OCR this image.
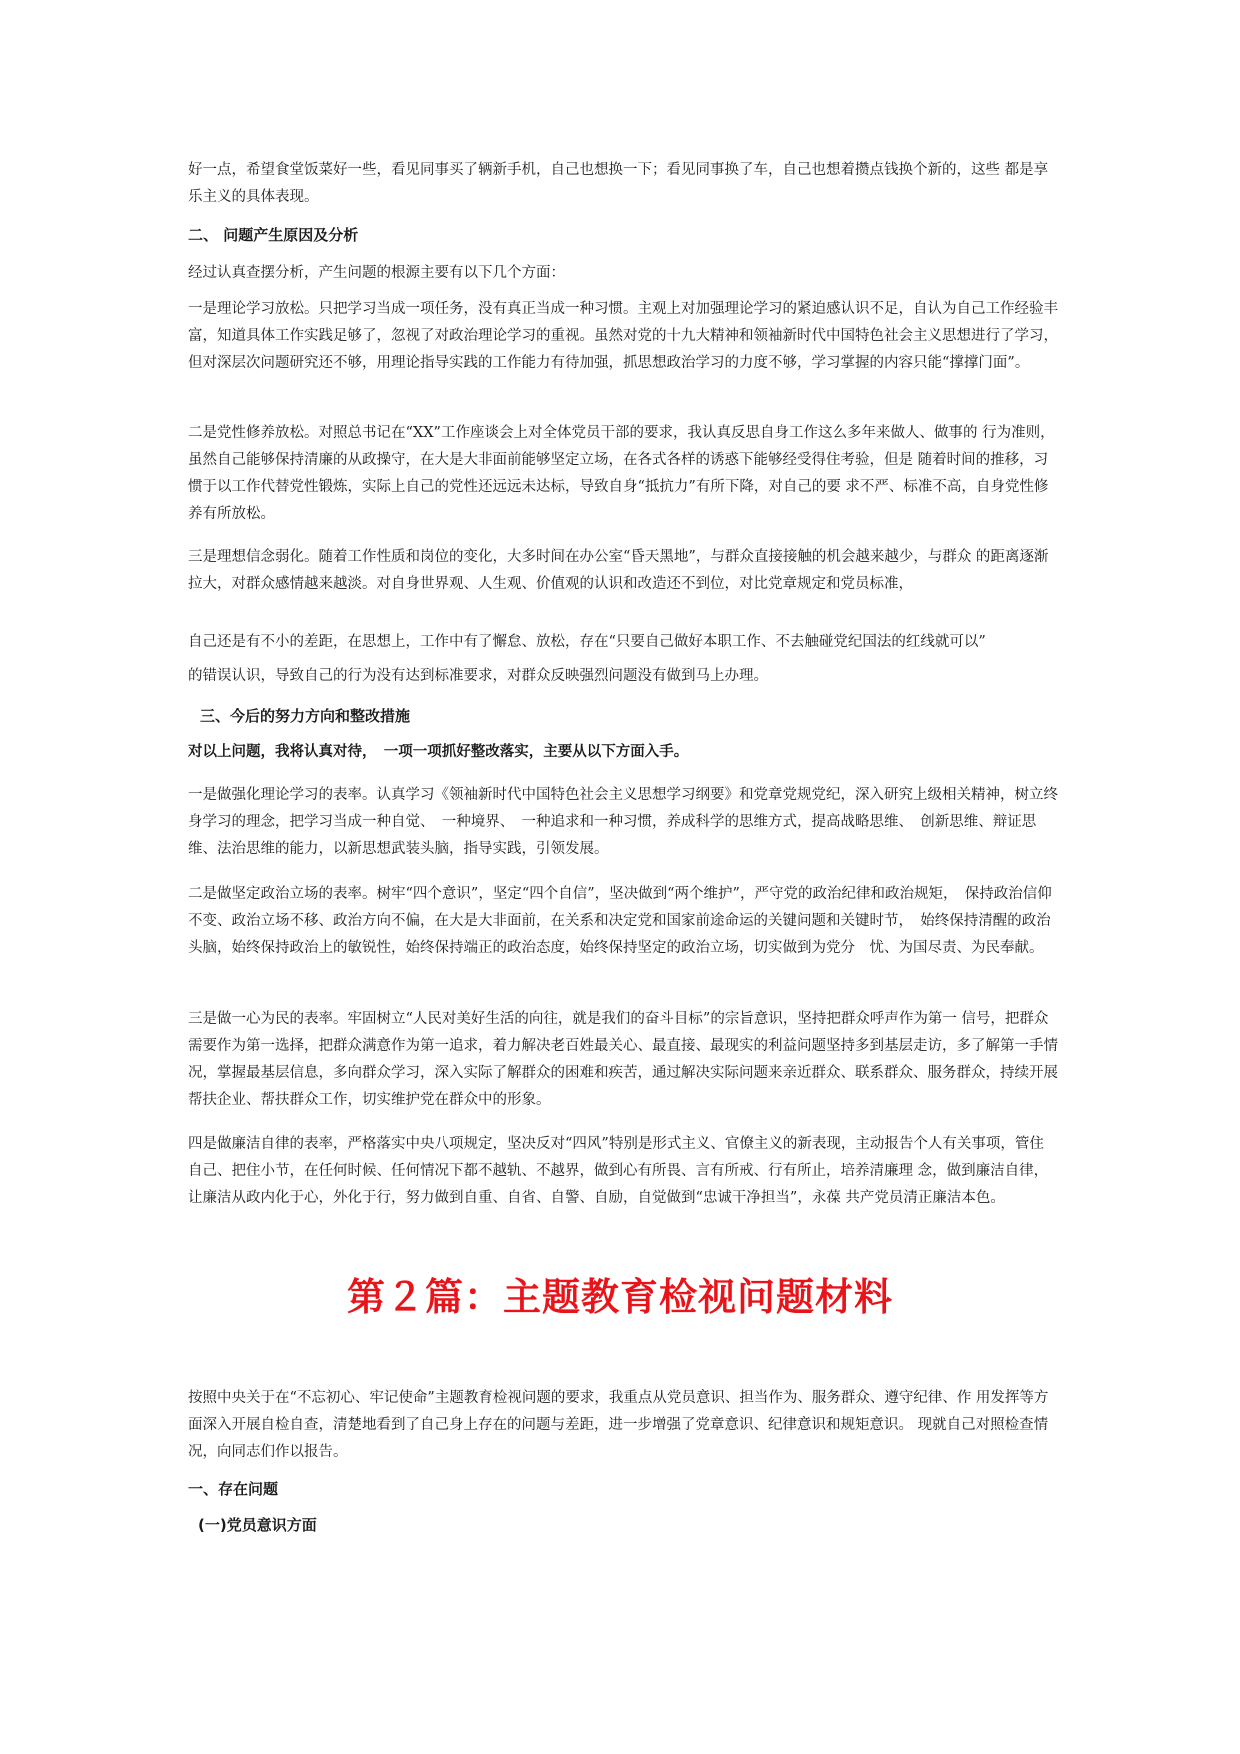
好一点，希望食堂饭菜好一些，看见同事买了辆新手机，自己也想换一下；看见同事换了车，自己也想着攒点钱换个新的，这些 都是享乐主义的具体表现。

二、 问题产生原因及分析

经过认真查摆分析，产生问题的根源主要有以下几个方面：

一是理论学习放松。只把学习当成一项任务，没有真正当成一种习惯。主观上对加强理论学习的紧迫感认识不足，自认为自己工作经验丰富，知道具体工作实践足够了，忽视了对政治理论学习的重视。虽然对党的十九大精神和领袖新时代中国特色社会主义思想进行了学习，但对深层次问题研究还不够，用理论指导实践的工作能力有待加强，抓思想政治学习的力度不够，学习掌握的内容只能“撑撑门面”。

二是党性修养放松。对照总书记在“XX”工作座谈会上对全体党员干部的要求，我认真反思自身工作这么多年来做人、做事的 行为准则，虽然自己能够保持清廉的从政操守，在大是大非面前能够坚定立场，在各式各样的诱惑下能够经受得住考验，但是 随着时间的推移，习惯于以工作代替党性锻炼，实际上自己的党性还远远未达标，导致自身“抵抗力”有所下降，对自己的要 求不严、标准不高，自身党性修养有所放松。

三是理想信念弱化。随着工作性质和岗位的变化，大多时间在办公室“昏天黑地”，与群众直接接触的机会越来越少，与群众 的距离逐渐拉大，对群众感情越来越淡。对自身世界观、人生观、价值观的认识和改造还不到位，对比党章规定和党员标准，

自己还是有不小的差距，在思想上，工作中有了懈怠、放松，存在“只要自己做好本职工作、不去触碰党纪国法的红线就可以”

的错误认识，导致自己的行为没有达到标准要求，对群众反映强烈问题没有做到马上办理。

三、今后的努力方向和整改措施

对以上问题，我将认真对待，　一项一项抓好整改落实，主要从以下方面入手。

一是做强化理论学习的表率。认真学习《领袖新时代中国特色社会主义思想学习纲要》和党章党规党纪，深入研究上级相关精神，树立终身学习的理念，把学习当成一种自觉、　一种境界、　一种追求和一种习惯，养成科学的思维方式，提高战略思维、　创新思维、辩证思维、法治思维的能力，以新思想武装头脑，指导实践，引领发展。

二是做坚定政治立场的表率。树牢“四个意识”，坚定“四个自信”，坚决做到“两个维护”，严守党的政治纪律和政治规矩，　保持政治信仰不变、政治立场不移、政治方向不偏，在大是大非面前，在关系和决定党和国家前途命运的关键问题和关键时节，　始终保持清醒的政治头脑，始终保持政治上的敏锐性，始终保持端正的政治态度，始终保持坚定的政治立场，切实做到为党分　忧、为国尽责、为民奉献。

三是做一心为民的表率。牢固树立“人民对美好生活的向往，就是我们的奋斗目标”的宗旨意识，坚持把群众呼声作为第一 信号，把群众需要作为第一选择，把群众满意作为第一追求，着力解决老百姓最关心、最直接、最现实的利益问题坚持多到基层走访，多了解第一手情况，掌握最基层信息，多向群众学习，深入实际了解群众的困难和疾苦，通过解决实际问题来亲近群众、联系群众、服务群众，持续开展帮扶企业、帮扶群众工作，切实维护党在群众中的形象。

四是做廉洁自律的表率，严格落实中央八项规定，坚决反对“四风”特别是形式主义、官僚主义的新表现，主动报告个人有关事项，管住自己、把住小节，在任何时候、任何情况下都不越轨、不越界，做到心有所畏、言有所戒、行有所止，培养清廉理 念，做到廉洁自律，让廉洁从政内化于心，外化于行，努力做到自重、自省、自警、自励，自觉做到“忠诚干净担当”，永葆 共产党员清正廉洁本色。

第２篇：主题教育检视问题材料

按照中央关于在“不忘初心、牢记使命”主题教育检视问题的要求，我重点从党员意识、担当作为、服务群众、遵守纪律、作 用发挥等方面深入开展自检自查，清楚地看到了自己身上存在的问题与差距，进一步增强了党章意识、纪律意识和规矩意识。 现就自己对照检查情况，向同志们作以报告。

一、存在问题
(一)党员意识方面
